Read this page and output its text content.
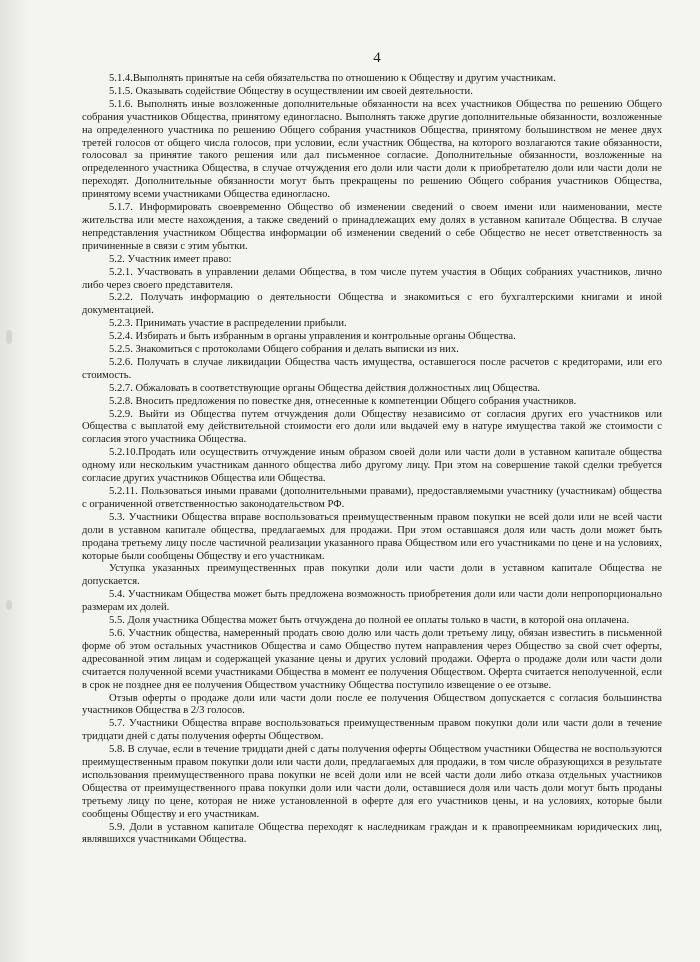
4

5.1.4.Выполнять принятые на себя обязательства по отношению к Обществу и другим участникам.

5.1.5. Оказывать содействие Обществу в осуществлении им своей деятельности.

5.1.6. Выполнять иные возложенные дополнительные обязанности на всех участников Общества по решению Общего собрания участников Общества, принятому единогласно. Выполнять также другие дополнительные обязанности, возложенные на определенного участника по решению Общего собрания участников Общества, принятому большинством не менее двух третей голосов от общего числа голосов, при условии, если участник Общества, на которого возлагаются такие обязанности, голосовал за принятие такого решения или дал письменное согласие. Дополнительные обязанности, возложенные на определенного участника Общества, в случае отчуждения его доли или части доли к приобретателю доли или части доли не переходят. Дополнительные обязанности могут быть прекращены по решению Общего собрания участников Общества, принятому всеми участниками Общества единогласно.

5.1.7. Информировать своевременно Общество об изменении сведений о своем имени или наименовании, месте жительства или месте нахождения, а также сведений о принадлежащих ему долях в уставном капитале Общества. В случае непредставления участником Общества информации об изменении сведений о себе Общество не несет ответственность за причиненные в связи с этим убытки.

5.2. Участник имеет право:

5.2.1. Участвовать в управлении делами Общества, в том числе путем участия в Общих собраниях участников, лично либо через своего представителя.

5.2.2. Получать информацию о деятельности Общества и знакомиться с его бухгалтерскими книгами и иной документацией.

5.2.3. Принимать участие в распределении прибыли.

5.2.4. Избирать и быть избранным в органы управления и контрольные органы Общества.

5.2.5. Знакомиться с протоколами Общего собрания и делать выписки из них.

5.2.6. Получать в случае ликвидации Общества часть имущества, оставшегося после расчетов с кредиторами, или его стоимость.

5.2.7. Обжаловать в соответствующие органы Общества действия должностных лиц Общества.

5.2.8. Вносить предложения по повестке дня, отнесенные к компетенции Общего собрания участников.

5.2.9. Выйти из Общества путем отчуждения доли Обществу независимо от согласия других его участников или Общества с выплатой ему действительной стоимости его доли или выдачей ему в натуре имущества такой же стоимости с согласия этого участника Общества.

5.2.10.Продать или осуществить отчуждение иным образом своей доли или части доли в уставном капитале общества одному или нескольким участникам данного общества либо другому лицу. При этом на совершение такой сделки требуется согласие других участников Общества или Общества.

5.2.11. Пользоваться иными правами (дополнительными правами), предоставляемыми участнику (участникам) общества с ограниченной ответственностью законодательством РФ.

5.3. Участники Общества вправе воспользоваться преимущественным правом покупки не всей доли или не всей части доли в уставном капитале общества, предлагаемых для продажи. При этом оставшаяся доля или часть доли может быть продана третьему лицу после частичной реализации указанного права Обществом или его участниками по цене и на условиях, которые были сообщены Обществу и его участникам.

Уступка указанных преимущественных прав покупки доли или части доли в уставном капитале Общества не допускается.

5.4. Участникам Общества может быть предложена возможность приобретения доли или части доли непропорционально размерам их долей.

5.5. Доля участника Общества может быть отчуждена до полной ее оплаты только в части, в которой она оплачена.

5.6. Участник общества, намеренный продать свою долю или часть доли третьему лицу, обязан известить в письменной форме об этом остальных участников Общества и само Общество путем направления через Общество за свой счет оферты, адресованной этим лицам и содержащей указание цены и других условий продажи. Оферта о продаже доли или части доли считается полученной всеми участниками Общества в момент ее получения Обществом. Оферта считается неполученной, если в срок не позднее дня ее получения Обществом участнику Общества поступило извещение о ее отзыве.

Отзыв оферты о продаже доли или части доли после ее получения Обществом допускается с согласия большинства участников Общества в 2/3 голосов.

5.7. Участники Общества вправе воспользоваться преимущественным правом покупки доли или части доли в течение тридцати дней с даты получения оферты Обществом.

5.8. В случае, если в течение тридцати дней с даты получения оферты Обществом участники Общества не воспользуются преимущественным правом покупки доли или части доли, предлагаемых для продажи, в том числе образующихся в результате использования преимущественного права покупки не всей доли или не всей части доли либо отказа отдельных участников Общества от преимущественного права покупки доли или части доли, оставшиеся доля или часть доли могут быть проданы третьему лицу по цене, которая не ниже установленной в оферте для его участников цены, и на условиях, которые были сообщены Обществу и его участникам.

5.9. Доли в уставном капитале Общества переходят к наследникам граждан и к правопреемникам юридических лиц, являвшихся участниками Общества.
